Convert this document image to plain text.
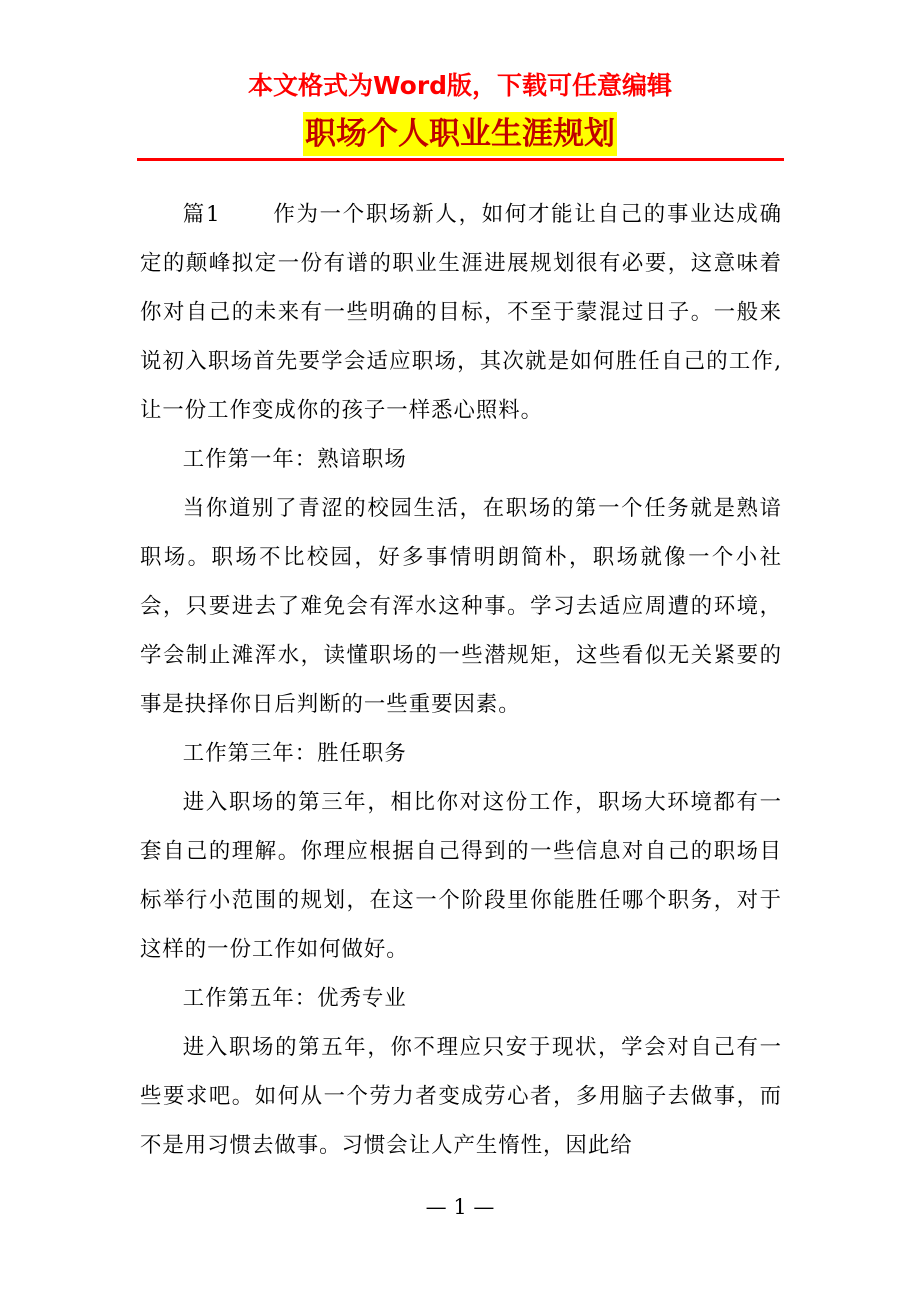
本文格式为Word版，下载可任意编辑
职场个人职业生涯规划

篇1 作为一个职场新人，如何才能让自己的事业达成确定的颠峰拟定一份有谱的职业生涯进展规划很有必要，这意味着你对自己的未来有一些明确的目标，不至于蒙混过日子。一般来说初入职场首先要学会适应职场，其次就是如何胜任自己的工作,让一份工作变成你的孩子一样悉心照料。

工作第一年：熟谙职场

当你道别了青涩的校园生活，在职场的第一个任务就是熟谙职场。职场不比校园，好多事情明朗简朴，职场就像一个小社会，只要进去了难免会有浑水这种事。学习去适应周遭的环境，学会制止滩浑水，读懂职场的一些潜规矩，这些看似无关紧要的事是抉择你日后判断的一些重要因素。

工作第三年：胜任职务

进入职场的第三年，相比你对这份工作，职场大环境都有一套自己的理解。你理应根据自己得到的一些信息对自己的职场目标举行小范围的规划，在这一个阶段里你能胜任哪个职务，对于这样的一份工作如何做好。

工作第五年：优秀专业

进入职场的第五年，你不理应只安于现状，学会对自己有一些要求吧。如何从一个劳力者变成劳心者，多用脑子去做事，而不是用习惯去做事。习惯会让人产生惰性，因此给

— 1 —
